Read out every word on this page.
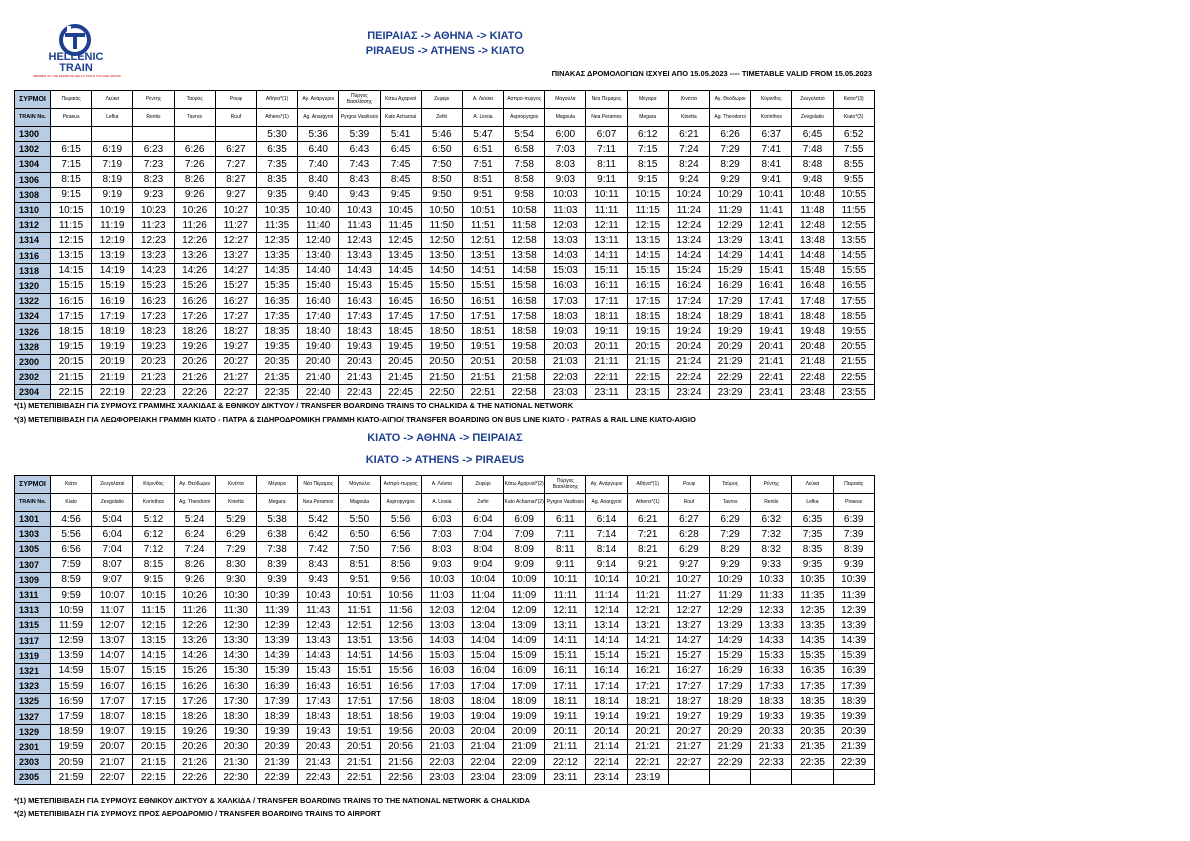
HELLENIC
TRAIN
MEMBER OF THE FERROVIE DELLO STATO ITALIANE GROUP
ΠΕΙΡΑΙΑΣ -> ΑΘΗΝΑ -> ΚΙΑΤΟ
PIRAEUS -> ATHENS -> KIATO
ΠΙΝΑΚΑΣ ΔΡΟΜΟΛΟΓΙΩΝ ΙΣΧΥΕΙ ΑΠΟ 15.05.2023 ---- TIMETABLE VALID FROM 15.05.2023
ΣΥΡΜΟΙ	Πειραιάς	Λεύκα	Ρέντης	Ταύρος	Ρουφ	Αθήνα*(1)	Αγ. Ανάργυροι	Πύργος Βασιλίσσης	Κάτω Αχαρναί	Ζεφύρι	Α. Λιόσια	Ασπρό-πυργος	Μαγούλα	Νέα Πέραμος	Μέγαρα	Κινέττα	Αγ. Θεόδωροι	Κόρινθος	Ζευγολατιό	Κιάτο*(3)
TRAIN No.	Piraeus	Lefka	Rentis	Tavros	Rouf	Athens*(1)	Ag. Anargyroi	Pyrgos Vasilissis	Kato Acharnai	Zefiri	A. Liosia	Aspropyrgos	Magoula	Nea Peramos	Megara	Kinetta	Ag. Theodoroi	Korinthos	Zevgolatio	Kiato*(3)
1300						5:30	5:36	5:39	5:41	5:46	5:47	5:54	6:00	6:07	6:12	6:21	6:26	6:37	6:45	6:52
1302	6:15	6:19	6:23	6:26	6:27	6:35	6:40	6:43	6:45	6:50	6:51	6:58	7:03	7:11	7:15	7:24	7:29	7:41	7:48	7:55
1304	7:15	7:19	7:23	7:26	7:27	7:35	7:40	7:43	7:45	7:50	7:51	7:58	8:03	8:11	8:15	8:24	8:29	8:41	8:48	8:55
1306	8:15	8:19	8:23	8:26	8:27	8:35	8:40	8:43	8:45	8:50	8:51	8:58	9:03	9:11	9:15	9:24	9:29	9:41	9:48	9:55
1308	9:15	9:19	9:23	9:26	9:27	9:35	9:40	9:43	9:45	9:50	9:51	9:58	10:03	10:11	10:15	10:24	10:29	10:41	10:48	10:55
1310	10:15	10:19	10:23	10:26	10:27	10:35	10:40	10:43	10:45	10:50	10:51	10:58	11:03	11:11	11:15	11:24	11:29	11:41	11:48	11:55
1312	11:15	11:19	11:23	11:26	11:27	11:35	11:40	11:43	11:45	11:50	11:51	11:58	12:03	12:11	12:15	12:24	12:29	12:41	12:48	12:55
1314	12:15	12:19	12:23	12:26	12:27	12:35	12:40	12:43	12:45	12:50	12:51	12:58	13:03	13:11	13:15	13:24	13:29	13:41	13:48	13:55
1316	13:15	13:19	13:23	13:26	13:27	13:35	13:40	13:43	13:45	13:50	13:51	13:58	14:03	14:11	14:15	14:24	14:29	14:41	14:48	14:55
1318	14:15	14:19	14:23	14:26	14:27	14:35	14:40	14:43	14:45	14:50	14:51	14:58	15:03	15:11	15:15	15:24	15:29	15:41	15:48	15:55
1320	15:15	15:19	15:23	15:26	15:27	15:35	15:40	15:43	15:45	15:50	15:51	15:58	16:03	16:11	16:15	16:24	16:29	16:41	16:48	16:55
1322	16:15	16:19	16:23	16:26	16:27	16:35	16:40	16:43	16:45	16:50	16:51	16:58	17:03	17:11	17:15	17:24	17:29	17:41	17:48	17:55
1324	17:15	17:19	17:23	17:26	17:27	17:35	17:40	17:43	17:45	17:50	17:51	17:58	18:03	18:11	18:15	18:24	18:29	18:41	18:48	18:55
1326	18:15	18:19	18:23	18:26	18:27	18:35	18:40	18:43	18:45	18:50	18:51	18:58	19:03	19:11	19:15	19:24	19:29	19:41	19:48	19:55
1328	19:15	19:19	19:23	19:26	19:27	19:35	19:40	19:43	19:45	19:50	19:51	19:58	20:03	20:11	20:15	20:24	20:29	20:41	20:48	20:55
2300	20:15	20:19	20:23	20:26	20:27	20:35	20:40	20:43	20:45	20:50	20:51	20:58	21:03	21:11	21:15	21:24	21:29	21:41	21:48	21:55
2302	21:15	21:19	21:23	21:26	21:27	21:35	21:40	21:43	21:45	21:50	21:51	21:58	22:03	22:11	22:15	22:24	22:29	22:41	22:48	22:55
2304	22:15	22:19	22:23	22:26	22:27	22:35	22:40	22:43	22:45	22:50	22:51	22:58	23:03	23:11	23:15	23:24	23:29	23:41	23:48	23:55
*(1) ΜΕΤΕΠΙΒΙΒΑΣΗ ΓΙΑ ΣΥΡΜΟΥΣ ΓΡΑΜΜΗΣ ΧΑΛΚΙΔΑΣ & ΕΘΝΙΚΟΥ ΔΙΚΤΥΟΥ / TRANSFER BOARDING TRAINS TO CHALKIDA & THE NATIONAL NETWORK
*(3) ΜΕΤΕΠΙΒΙΒΑΣΗ ΓΙΑ ΛΕΩΦΟΡΕΙΑΚΗ ΓΡΑΜΜΗ ΚΙΑΤΟ - ΠΑΤΡΑ & ΣΙΔΗΡΟΔΡΟΜΙΚΗ ΓΡΑΜΜΗ ΚΙΑΤΟ-ΑΙΓΙΟ/ TRANSFER BOARDING ON BUS LINE KIATO - PATRAS & RAIL LINE KIATO-AIGIO
ΚΙΑΤΟ -> ΑΘΗΝΑ -> ΠΕΙΡΑΙΑΣ
KIATO -> ATHENS -> PIRAEUS
ΣΥΡΜΟΙ	Κιάτο	Ζευγολατιό	Κόρινθος	Αγ. Θεόδωροι	Κινέττα	Μέγαρα	Νέα Πέραμος	Μαγούλα	Ασπρό-πυργος	Α. Λιόσια	Ζεφύρι	Κάτω Αχαρναί*(2)	Πύργος Βασιλίσσης	Αγ. Ανάργυροι	Αθήνα*(1)	Ρουφ	Ταύρος	Ρέντης	Λεύκα	Πειραιάς
TRAIN No.	Kiato	Zevgolatio	Korinthos	Ag. Theodoroi	Kinetta	Megara	Nea Peramos	Magoula	Aspropyrgos	A. Liosia	Zefiri	Kato Acharnai*(2)	Pyrgos Vasilissis	Ag. Anargyroi	Athens*(1)	Rouf	Tavros	Rentis	Lefka	Piraeus
1301	4:56	5:04	5:12	5:24	5:29	5:38	5:42	5:50	5:56	6:03	6:04	6:09	6:11	6:14	6:21	6:27	6:29	6:32	6:35	6:39
1303	5:56	6:04	6:12	6:24	6:29	6:38	6:42	6:50	6:56	7:03	7:04	7:09	7:11	7:14	7:21	6:28	7:29	7:32	7:35	7:39
1305	6:56	7:04	7:12	7:24	7:29	7:38	7:42	7:50	7:56	8:03	8:04	8:09	8:11	8:14	8:21	6:29	8:29	8:32	8:35	8:39
1307	7:59	8:07	8:15	8:26	8:30	8:39	8:43	8:51	8:56	9:03	9:04	9:09	9:11	9:14	9:21	9:27	9:29	9:33	9:35	9:39
1309	8:59	9:07	9:15	9:26	9:30	9:39	9:43	9:51	9:56	10:03	10:04	10:09	10:11	10:14	10:21	10:27	10:29	10:33	10:35	10:39
1311	9:59	10:07	10:15	10:26	10:30	10:39	10:43	10:51	10:56	11:03	11:04	11:09	11:11	11:14	11:21	11:27	11:29	11:33	11:35	11:39
1313	10:59	11:07	11:15	11:26	11:30	11:39	11:43	11:51	11:56	12:03	12:04	12:09	12:11	12:14	12:21	12:27	12:29	12:33	12:35	12:39
1315	11:59	12:07	12:15	12:26	12:30	12:39	12:43	12:51	12:56	13:03	13:04	13:09	13:11	13:14	13:21	13:27	13:29	13:33	13:35	13:39
1317	12:59	13:07	13:15	13:26	13:30	13:39	13:43	13:51	13:56	14:03	14:04	14:09	14:11	14:14	14:21	14:27	14:29	14:33	14:35	14:39
1319	13:59	14:07	14:15	14:26	14:30	14:39	14:43	14:51	14:56	15:03	15:04	15:09	15:11	15:14	15:21	15:27	15:29	15:33	15:35	15:39
1321	14:59	15:07	15:15	15:26	15:30	15:39	15:43	15:51	15:56	16:03	16:04	16:09	16:11	16:14	16:21	16:27	16:29	16:33	16:35	16:39
1323	15:59	16:07	16:15	16:26	16:30	16:39	16:43	16:51	16:56	17:03	17:04	17:09	17:11	17:14	17:21	17:27	17:29	17:33	17:35	17:39
1325	16:59	17:07	17:15	17:26	17:30	17:39	17:43	17:51	17:56	18:03	18:04	18:09	18:11	18:14	18:21	18:27	18:29	18:33	18:35	18:39
1327	17:59	18:07	18:15	18:26	18:30	18:39	18:43	18:51	18:56	19:03	19:04	19:09	19:11	19:14	19:21	19:27	19:29	19:33	19:35	19:39
1329	18:59	19:07	19:15	19:26	19:30	19:39	19:43	19:51	19:56	20:03	20:04	20:09	20:11	20:14	20:21	20:27	20:29	20:33	20:35	20:39
2301	19:59	20:07	20:15	20:26	20:30	20:39	20:43	20:51	20:56	21:03	21:04	21:09	21:11	21:14	21:21	21:27	21:29	21:33	21:35	21:39
2303	20:59	21:07	21:15	21:26	21:30	21:39	21:43	21:51	21:56	22:03	22:04	22:09	22:12	22:14	22:21	22:27	22:29	22:33	22:35	22:39
2305	21:59	22:07	22:15	22:26	22:30	22:39	22:43	22:51	22:56	23:03	23:04	23:09	23:11	23:14	23:19					
*(1) ΜΕΤΕΠΙΒΙΒΑΣΗ ΓΙΑ ΣΥΡΜΟΥΣ ΕΘΝΙΚΟΥ ΔΙΚΤΥΟΥ & ΧΑΛΚΙΔΑ / TRANSFER BOARDING TRAINS TO THE NATIONAL NETWORK & CHALKIDA
*(2) ΜΕΤΕΠΙΒΙΒΑΣΗ ΓΙΑ ΣΥΡΜΟΥΣ ΠΡΟΣ ΑΕΡΟΔΡΟΜΙΟ / TRANSFER BOARDING TRAINS TO AIRPORT
